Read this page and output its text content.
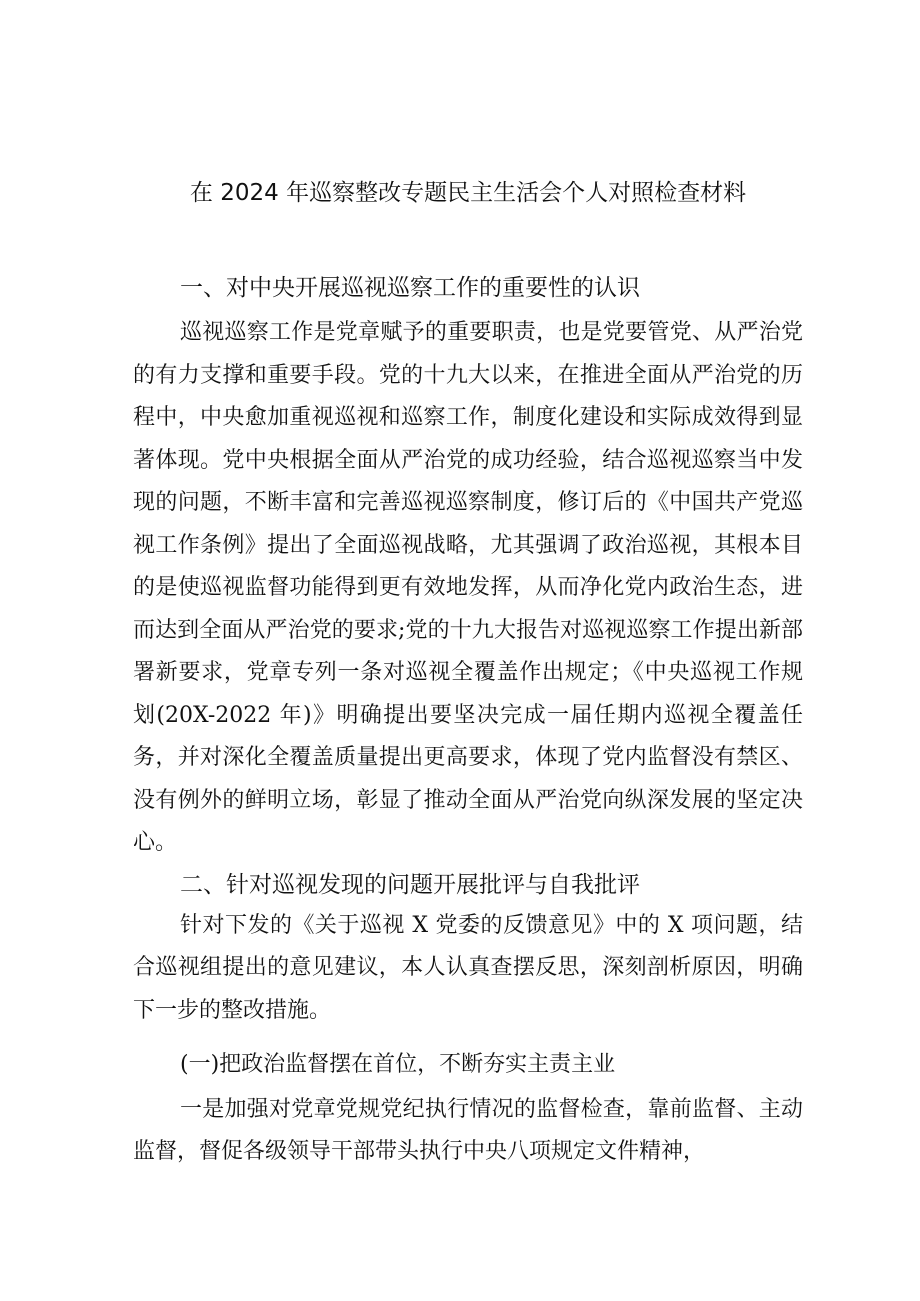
在 2024 年巡察整改专题民主生活会个人对照检查材料
一、对中央开展巡视巡察工作的重要性的认识

巡视巡察工作是党章赋予的重要职责，也是党要管党、从严治党的有力支撑和重要手段。党的十九大以来，在推进全面从严治党的历程中，中央愈加重视巡视和巡察工作，制度化建设和实际成效得到显著体现。党中央根据全面从严治党的成功经验，结合巡视巡察当中发现的问题，不断丰富和完善巡视巡察制度，修订后的《中国共产党巡视工作条例》提出了全面巡视战略，尤其强调了政治巡视，其根本目的是使巡视监督功能得到更有效地发挥，从而净化党内政治生态，进而达到全面从严治党的要求;党的十九大报告对巡视巡察工作提出新部署新要求，党章专列一条对巡视全覆盖作出规定；《中央巡视工作规划(20X-2022 年)》明确提出要坚决完成一届任期内巡视全覆盖任务，并对深化全覆盖质量提出更高要求，体现了党内监督没有禁区、没有例外的鲜明立场，彰显了推动全面从严治党向纵深发展的坚定决心。

二、针对巡视发现的问题开展批评与自我批评

针对下发的《关于巡视 X 党委的反馈意见》中的 X 项问题，结合巡视组提出的意见建议，本人认真查摆反思，深刻剖析原因，明确下一步的整改措施。

(一)把政治监督摆在首位，不断夯实主责主业

一是加强对党章党规党纪执行情况的监督检查，靠前监督、主动监督，督促各级领导干部带头执行中央八项规定文件精神，
